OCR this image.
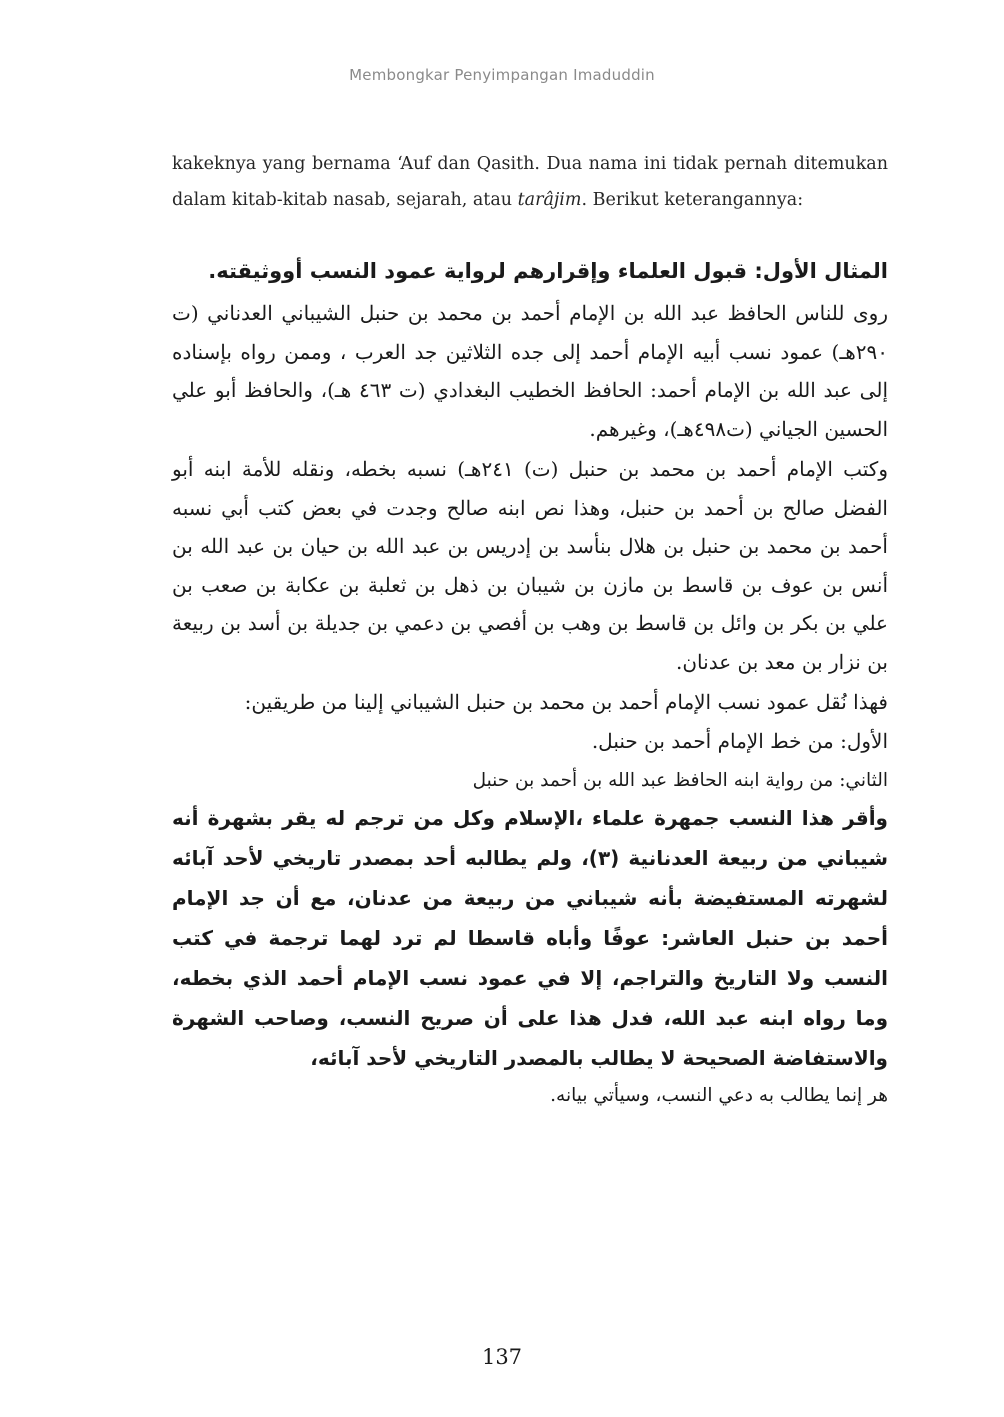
Membongkar Penyimpangan Imaduddin
kakeknya yang bernama ‘Auf dan Qasith. Dua nama ini tidak pernah ditemukan dalam kitab-kitab nasab, sejarah, atau tarâjim. Berikut keterangannya:

المثال الأول: قبول العلماء وإقرارهم لرواية عمود النسب أووثيقته.

روى للناس الحافظ عبد الله بن الإمام أحمد بن محمد بن حنبل الشيباني العدناني (ت ٢٩٠هـ) عمود نسب أبيه الإمام أحمد إلى جده الثلاثين جد العرب ، وممن رواه بإسناده إلى عبد الله بن الإمام أحمد: الحافظ الخطيب البغدادي (ت ٤٦٣ هـ)، والحافظ أبو علي الحسين الجياني (ت٤٩٨هـ)، وغيرهم.

وكتب الإمام أحمد بن محمد بن حنبل (ت) ٢٤١هـ) نسبه بخطه، ونقله للأمة ابنه أبو الفضل صالح بن أحمد بن حنبل، وهذا نص ابنه صالح وجدت في بعض كتب أبي نسبه أحمد بن محمد بن حنبل بن هلال بنأسد بن إدريس بن عبد الله بن حيان بن عبد الله بن أنس بن عوف بن قاسط بن مازن بن شيبان بن ذهل بن ثعلبة بن عكابة بن صعب بن علي بن بكر بن وائل بن قاسط بن وهب بن أفصي بن دعمي بن جديلة بن أسد بن ربيعة بن نزار بن معد بن عدنان.

فهذا نُقل عمود نسب الإمام أحمد بن محمد بن حنبل الشيباني إلينا من طريقين:

الأول: من خط الإمام أحمد بن حنبل.

الثاني: من رواية ابنه الحافظ عبد الله بن أحمد بن حنبل

وأقر هذا النسب جمهرة علماء ،الإسلام وكل من ترجم له يقر بشهرة أنه شيباني من ربيعة العدنانية (٣)، ولم يطالبه أحد بمصدر تاريخي لأحد آبائه لشهرته المستفيضة بأنه شيباني من ربيعة من عدنان، مع أن جد الإمام أحمد بن حنبل العاشر: عوفًا وأباه قاسطا لم ترد لهما ترجمة في كتب النسب ولا التاريخ والتراجم، إلا في عمود نسب الإمام أحمد الذي بخطه، وما رواه ابنه عبد الله، فدل هذا على أن صريح النسب، وصاحب الشهرة والاستفاضة الصحيحة لا يطالب بالمصدر التاريخي لأحد آبائه،

هر إنما يطالب به دعي النسب، وسيأتي بيانه.

137
